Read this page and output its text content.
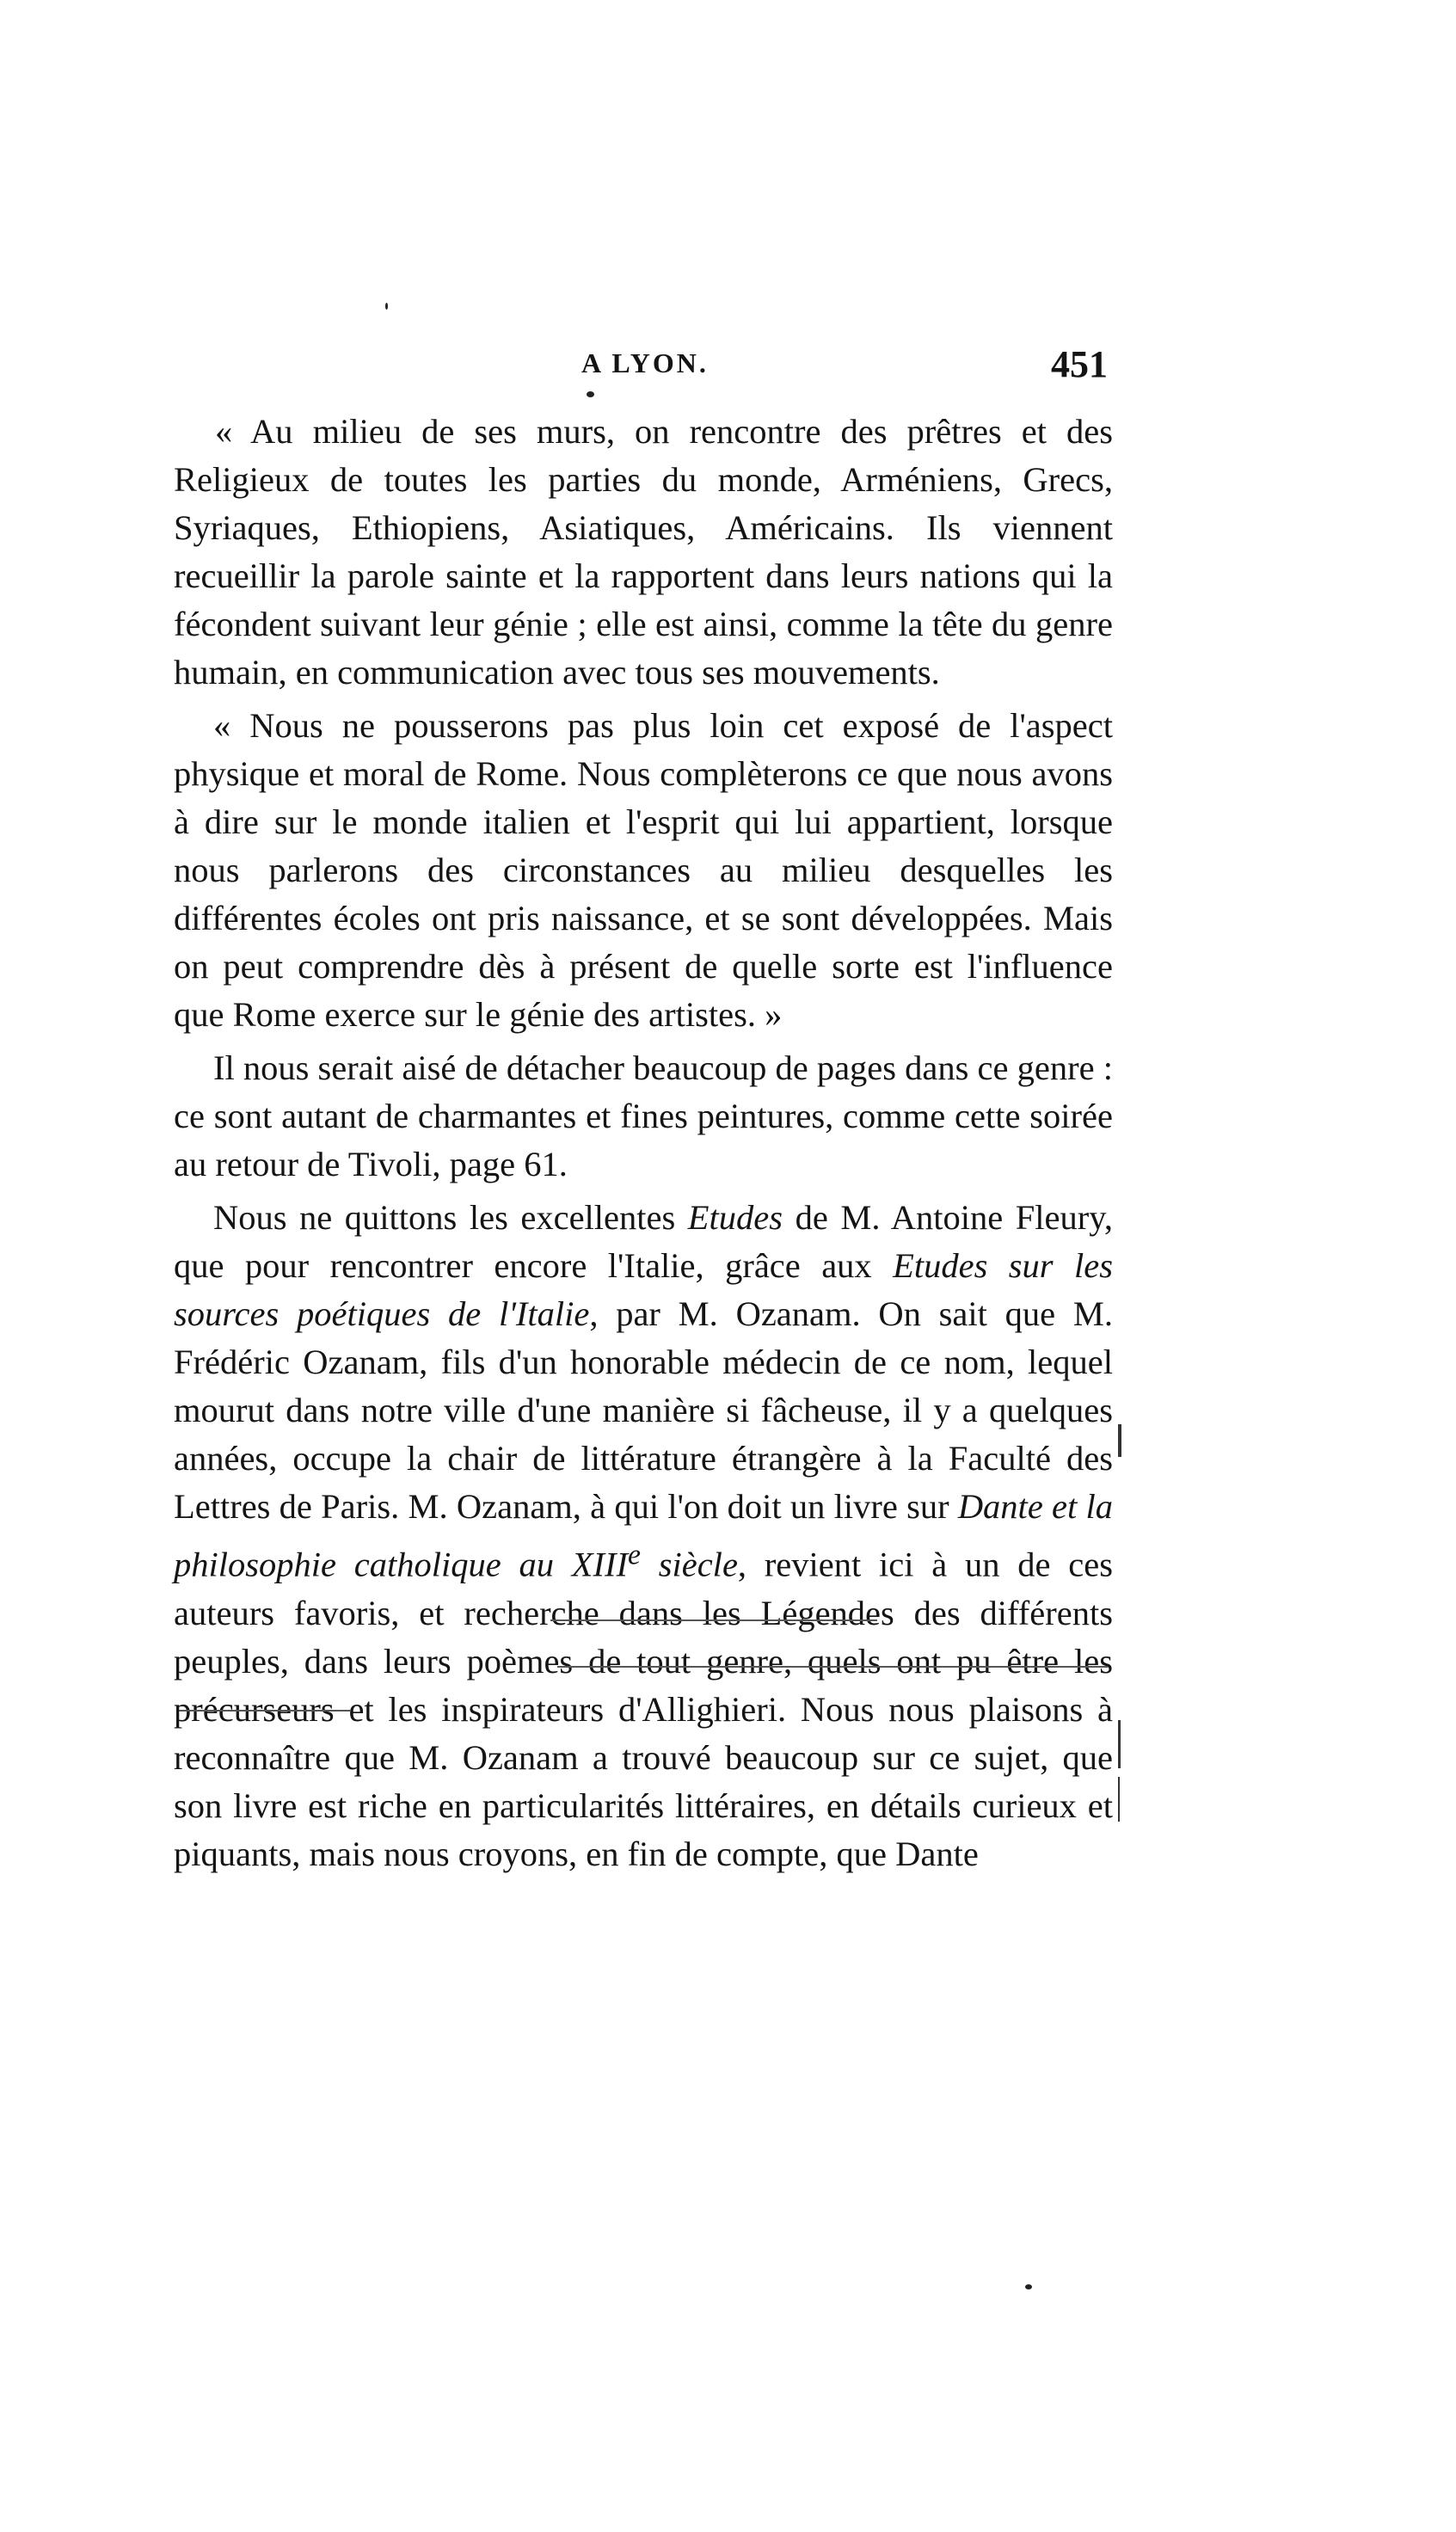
A LYON.	451

« Au milieu de ses murs, on rencontre des prêtres et des Religieux de toutes les parties du monde, Arméniens, Grecs, Syriaques, Ethiopiens, Asiatiques, Américains. Ils viennent recueillir la parole sainte et la rapportent dans leurs nations qui la fécondent suivant leur génie ; elle est ainsi, comme la tête du genre humain, en communication avec tous ses mouvements.

« Nous ne pousserons pas plus loin cet exposé de l'aspect physique et moral de Rome. Nous complèterons ce que nous avons à dire sur le monde italien et l'esprit qui lui appartient, lorsque nous parlerons des circonstances au milieu desquelles les différentes écoles ont pris naissance, et se sont développées. Mais on peut comprendre dès à présent de quelle sorte est l'influence que Rome exerce sur le génie des artistes. »

Il nous serait aisé de détacher beaucoup de pages dans ce genre : ce sont autant de charmantes et fines peintures, comme cette soirée au retour de Tivoli, page 61.

Nous ne quittons les excellentes Etudes de M. Antoine Fleury, que pour rencontrer encore l'Italie, grâce aux Etudes sur les sources poétiques de l'Italie, par M. Ozanam. On sait que M. Frédéric Ozanam, fils d'un honorable médecin de ce nom, lequel mourut dans notre ville d'une manière si fâcheuse, il y a quelques années, occupe la chair de littérature étrangère à la Faculté des Lettres de Paris. M. Ozanam, à qui l'on doit un livre sur Dante et la philosophie catholique au XIIIe siècle, revient ici à un de ces auteurs favoris, et recherche dans les Légendes des différents peuples, dans leurs poèmes de tout genre, quels ont pu être les précurseurs et les inspirateurs d'Allighieri. Nous nous plaisons à reconnaître que M. Ozanam a trouvé beaucoup sur ce sujet, que son livre est riche en particularités littéraires, en détails curieux et piquants, mais nous croyons, en fin de compte, que Dante
